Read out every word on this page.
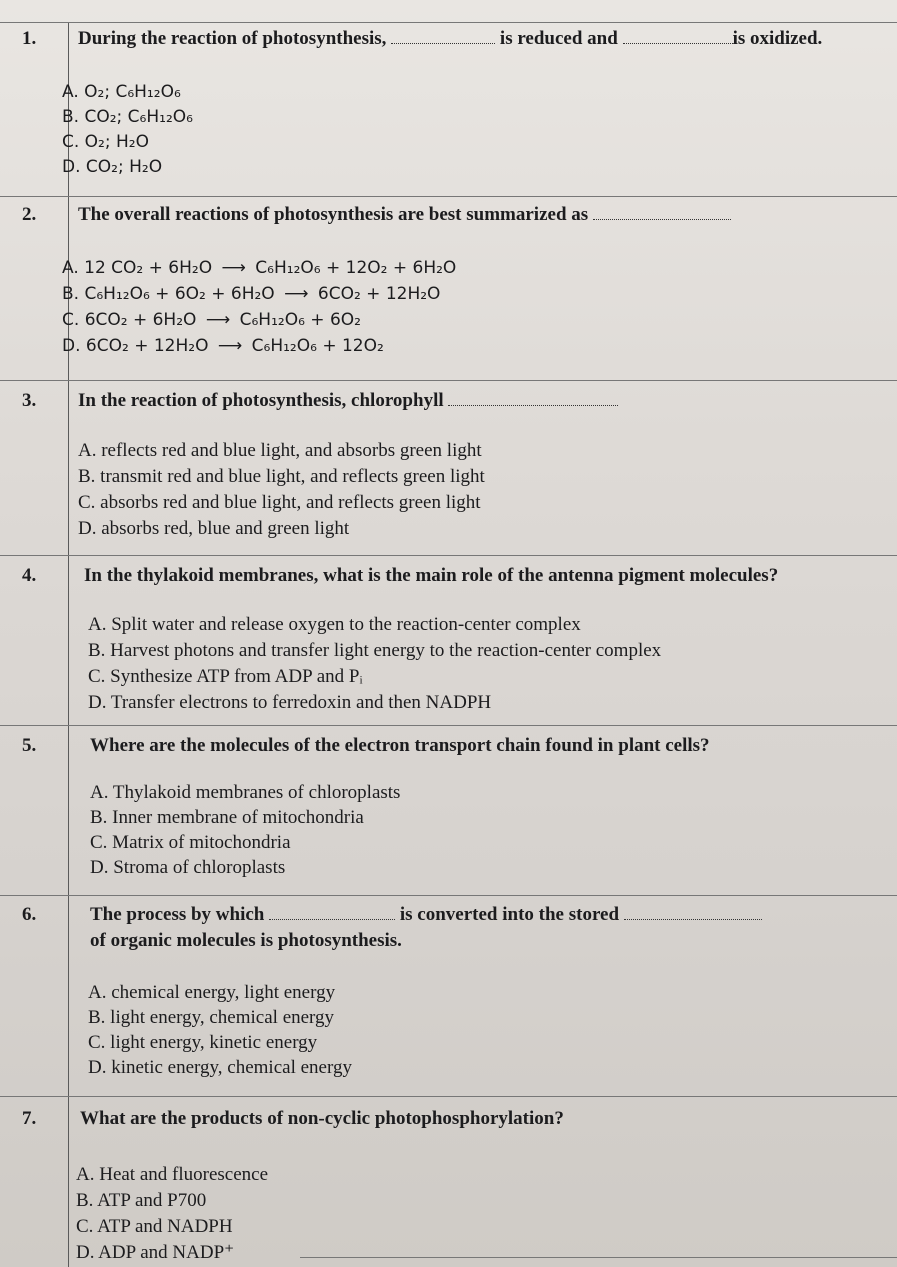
1. During the reaction of photosynthesis,	is reduced and	is oxidized.
A. O₂; C₆H₁₂O₆
B. CO₂; C₆H₁₂O₆
C. O₂; H₂O
D. CO₂; H₂O
2. The overall reactions of photosynthesis are best summarized as
A. 12 CO₂ + 6H₂O ⟶ C₆H₁₂O₆ + 12O₂ + 6H₂O
B. C₆H₁₂O₆ + 6O₂ + 6H₂O ⟶ 6CO₂ + 12H₂O
C. 6CO₂ + 6H₂O ⟶ C₆H₁₂O₆ + 6O₂
D. 6CO₂ + 12H₂O ⟶ C₆H₁₂O₆ + 12O₂
3. In the reaction of photosynthesis, chlorophyll
A. reflects red and blue light, and absorbs green light
B. transmit red and blue light, and reflects green light
C. absorbs red and blue light, and reflects green light
D. absorbs red, blue and green light
4.	In the thylakoid membranes, what is the main role of the antenna pigment molecules?
A. Split water and release oxygen to the reaction-center complex
B. Harvest photons and transfer light energy to the reaction-center complex
C. Synthesize ATP from ADP and Pᵢ
D. Transfer electrons to ferredoxin and then NADPH
5.	Where are the molecules of the electron transport chain found in plant cells?
A. Thylakoid membranes of chloroplasts
B. Inner membrane of mitochondria
C. Matrix of mitochondria
D. Stroma of chloroplasts
6.	The process by which	is converted into the stored
of organic molecules is photosynthesis.
A. chemical energy, light energy
B. light energy, chemical energy
C. light energy, kinetic energy
D. kinetic energy, chemical energy
7. What are the products of non-cyclic photophosphorylation?
A. Heat and fluorescence
B. ATP and P700
C. ATP and NADPH
D. ADP and NADP⁺
